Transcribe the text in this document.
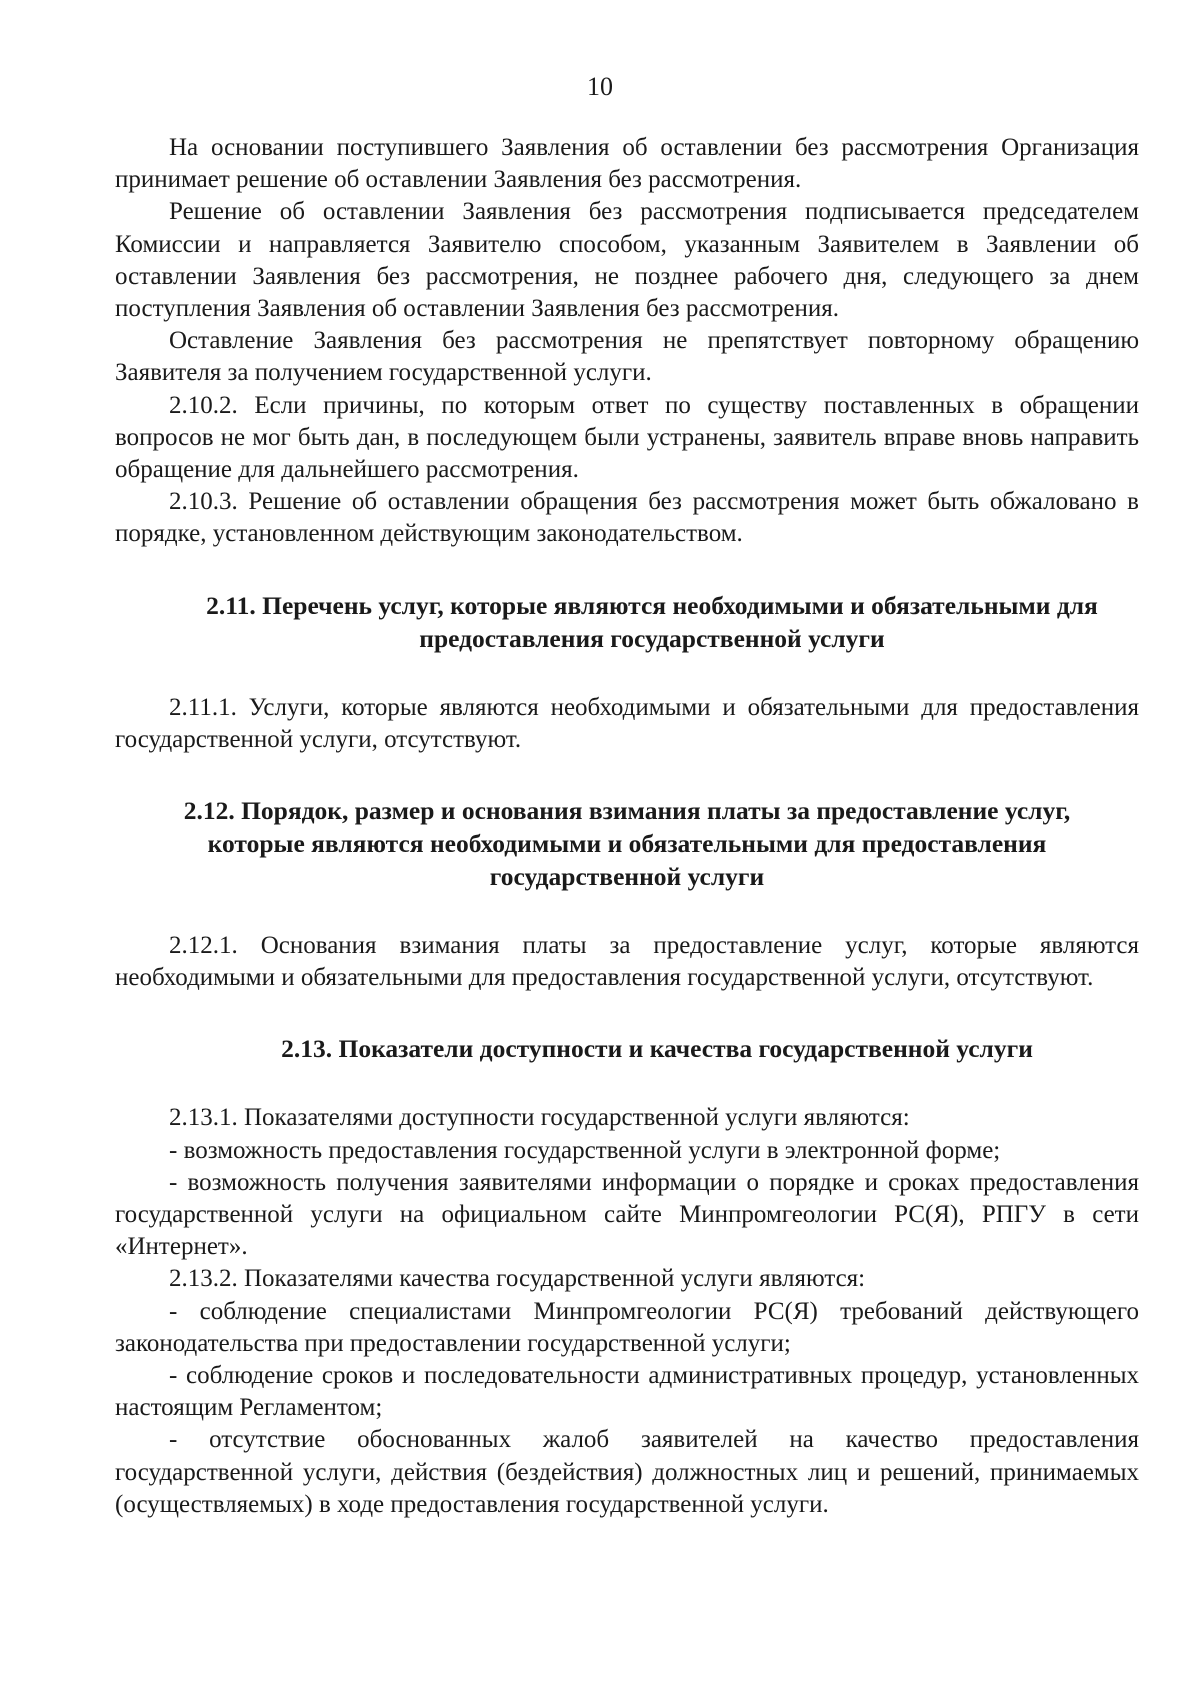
10

На основании поступившего Заявления об оставлении без рассмотрения Организация принимает решение об оставлении Заявления без рассмотрения.

Решение об оставлении Заявления без рассмотрения подписывается председателем Комиссии и направляется Заявителю способом, указанным Заявителем в Заявлении об оставлении Заявления без рассмотрения, не позднее рабочего дня, следующего за днем поступления Заявления об оставлении Заявления без рассмотрения.

Оставление Заявления без рассмотрения не препятствует повторному обращению Заявителя за получением государственной услуги.

2.10.2. Если причины, по которым ответ по существу поставленных в обращении вопросов не мог быть дан, в последующем были устранены, заявитель вправе вновь направить обращение для дальнейшего рассмотрения.

2.10.3. Решение об оставлении обращения без рассмотрения может быть обжаловано в порядке, установленном действующим законодательством.

2.11. Перечень услуг, которые являются необходимыми и обязательными для предоставления государственной услуги

2.11.1. Услуги, которые являются необходимыми и обязательными для предоставления государственной услуги, отсутствуют.

2.12. Порядок, размер и основания взимания платы за предоставление услуг, которые являются необходимыми и обязательными для предоставления государственной услуги

2.12.1. Основания взимания платы за предоставление услуг, которые являются необходимыми и обязательными для предоставления государственной услуги, отсутствуют.

2.13. Показатели доступности и качества государственной услуги

2.13.1. Показателями доступности государственной услуги являются:

- возможность предоставления государственной услуги в электронной форме;

- возможность получения заявителями информации о порядке и сроках предоставления государственной услуги на официальном сайте Минпромгеологии РС(Я), РПГУ в сети «Интернет».

2.13.2. Показателями качества государственной услуги являются:

- соблюдение специалистами Минпромгеологии РС(Я) требований действующего законодательства при предоставлении государственной услуги;

- соблюдение сроков и последовательности административных процедур, установленных настоящим Регламентом;

- отсутствие обоснованных жалоб заявителей на качество предоставления государственной услуги, действия (бездействия) должностных лиц и решений, принимаемых (осуществляемых) в ходе предоставления государственной услуги.
